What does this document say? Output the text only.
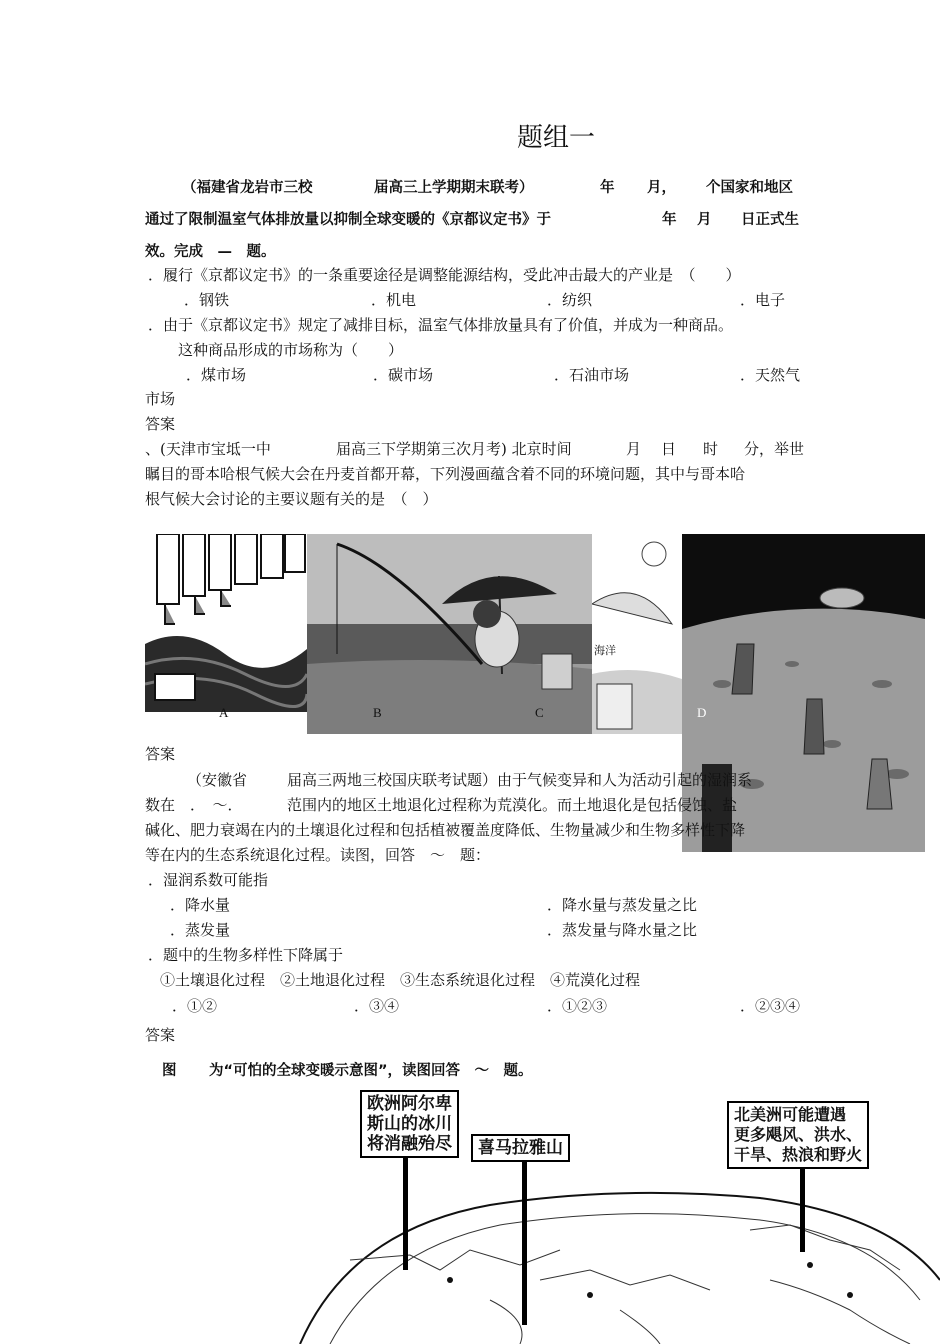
题组一
（福建省龙岩市三校	届高三上学期期末联考）	年 月， 个国家和地区
通过了限制温室气体排放量以抑制全球变暖的《京都议定书》于	年 月 日正式生
效。完成　—　题。
．履行《京都议定书》的一条重要途径是调整能源结构，受此冲击最大的产业是　（　　）
．钢铁	．机电	．纺织	．电子
．由于《京都议定书》规定了减排目标，温室气体排放量具有了价值，并成为一种商品。
这种商品形成的市场称为（　　）
．煤市场	．碳市场	．石油市场	．天然气
市场
答案
、(天津市宝坻一中	届高三下学期第三次月考) 北京时间	月 日 时 分，举世
瞩目的哥本哈根气候大会在丹麦首都开幕，下列漫画蕴含着不同的环境问题，其中与哥本哈
根气候大会讨论的主要议题有关的是　（　）
A	B	C	D
海洋
答案
（安徽省	届高三两地三校国庆联考试题）由于气候变异和人为活动引起的湿润系
数在　．　～．	范围内的地区土地退化过程称为荒漠化。而土地退化是包括侵蚀、盐
碱化、肥力衰竭在内的土壤退化过程和包括植被覆盖度降低、生物量减少和生物多样性下降
等在内的生态系统退化过程。读图，回答　～　题：
．湿润系数可能指
．降水量	．降水量与蒸发量之比
．蒸发量	．蒸发量与降水量之比
．题中的生物多样性下降属于
①土壤退化过程　②土地退化过程　③生态系统退化过程　④荒漠化过程
．①②	．③④	．①②③	．②③④
答案
图 为“可怕的全球变暖示意图”，读图回答　～　题。
欧洲阿尔卑
斯山的冰川
将消融殆尽	喜马拉雅山
北美洲可能遭遇
更多飓风、洪水、
干旱、热浪和野火
